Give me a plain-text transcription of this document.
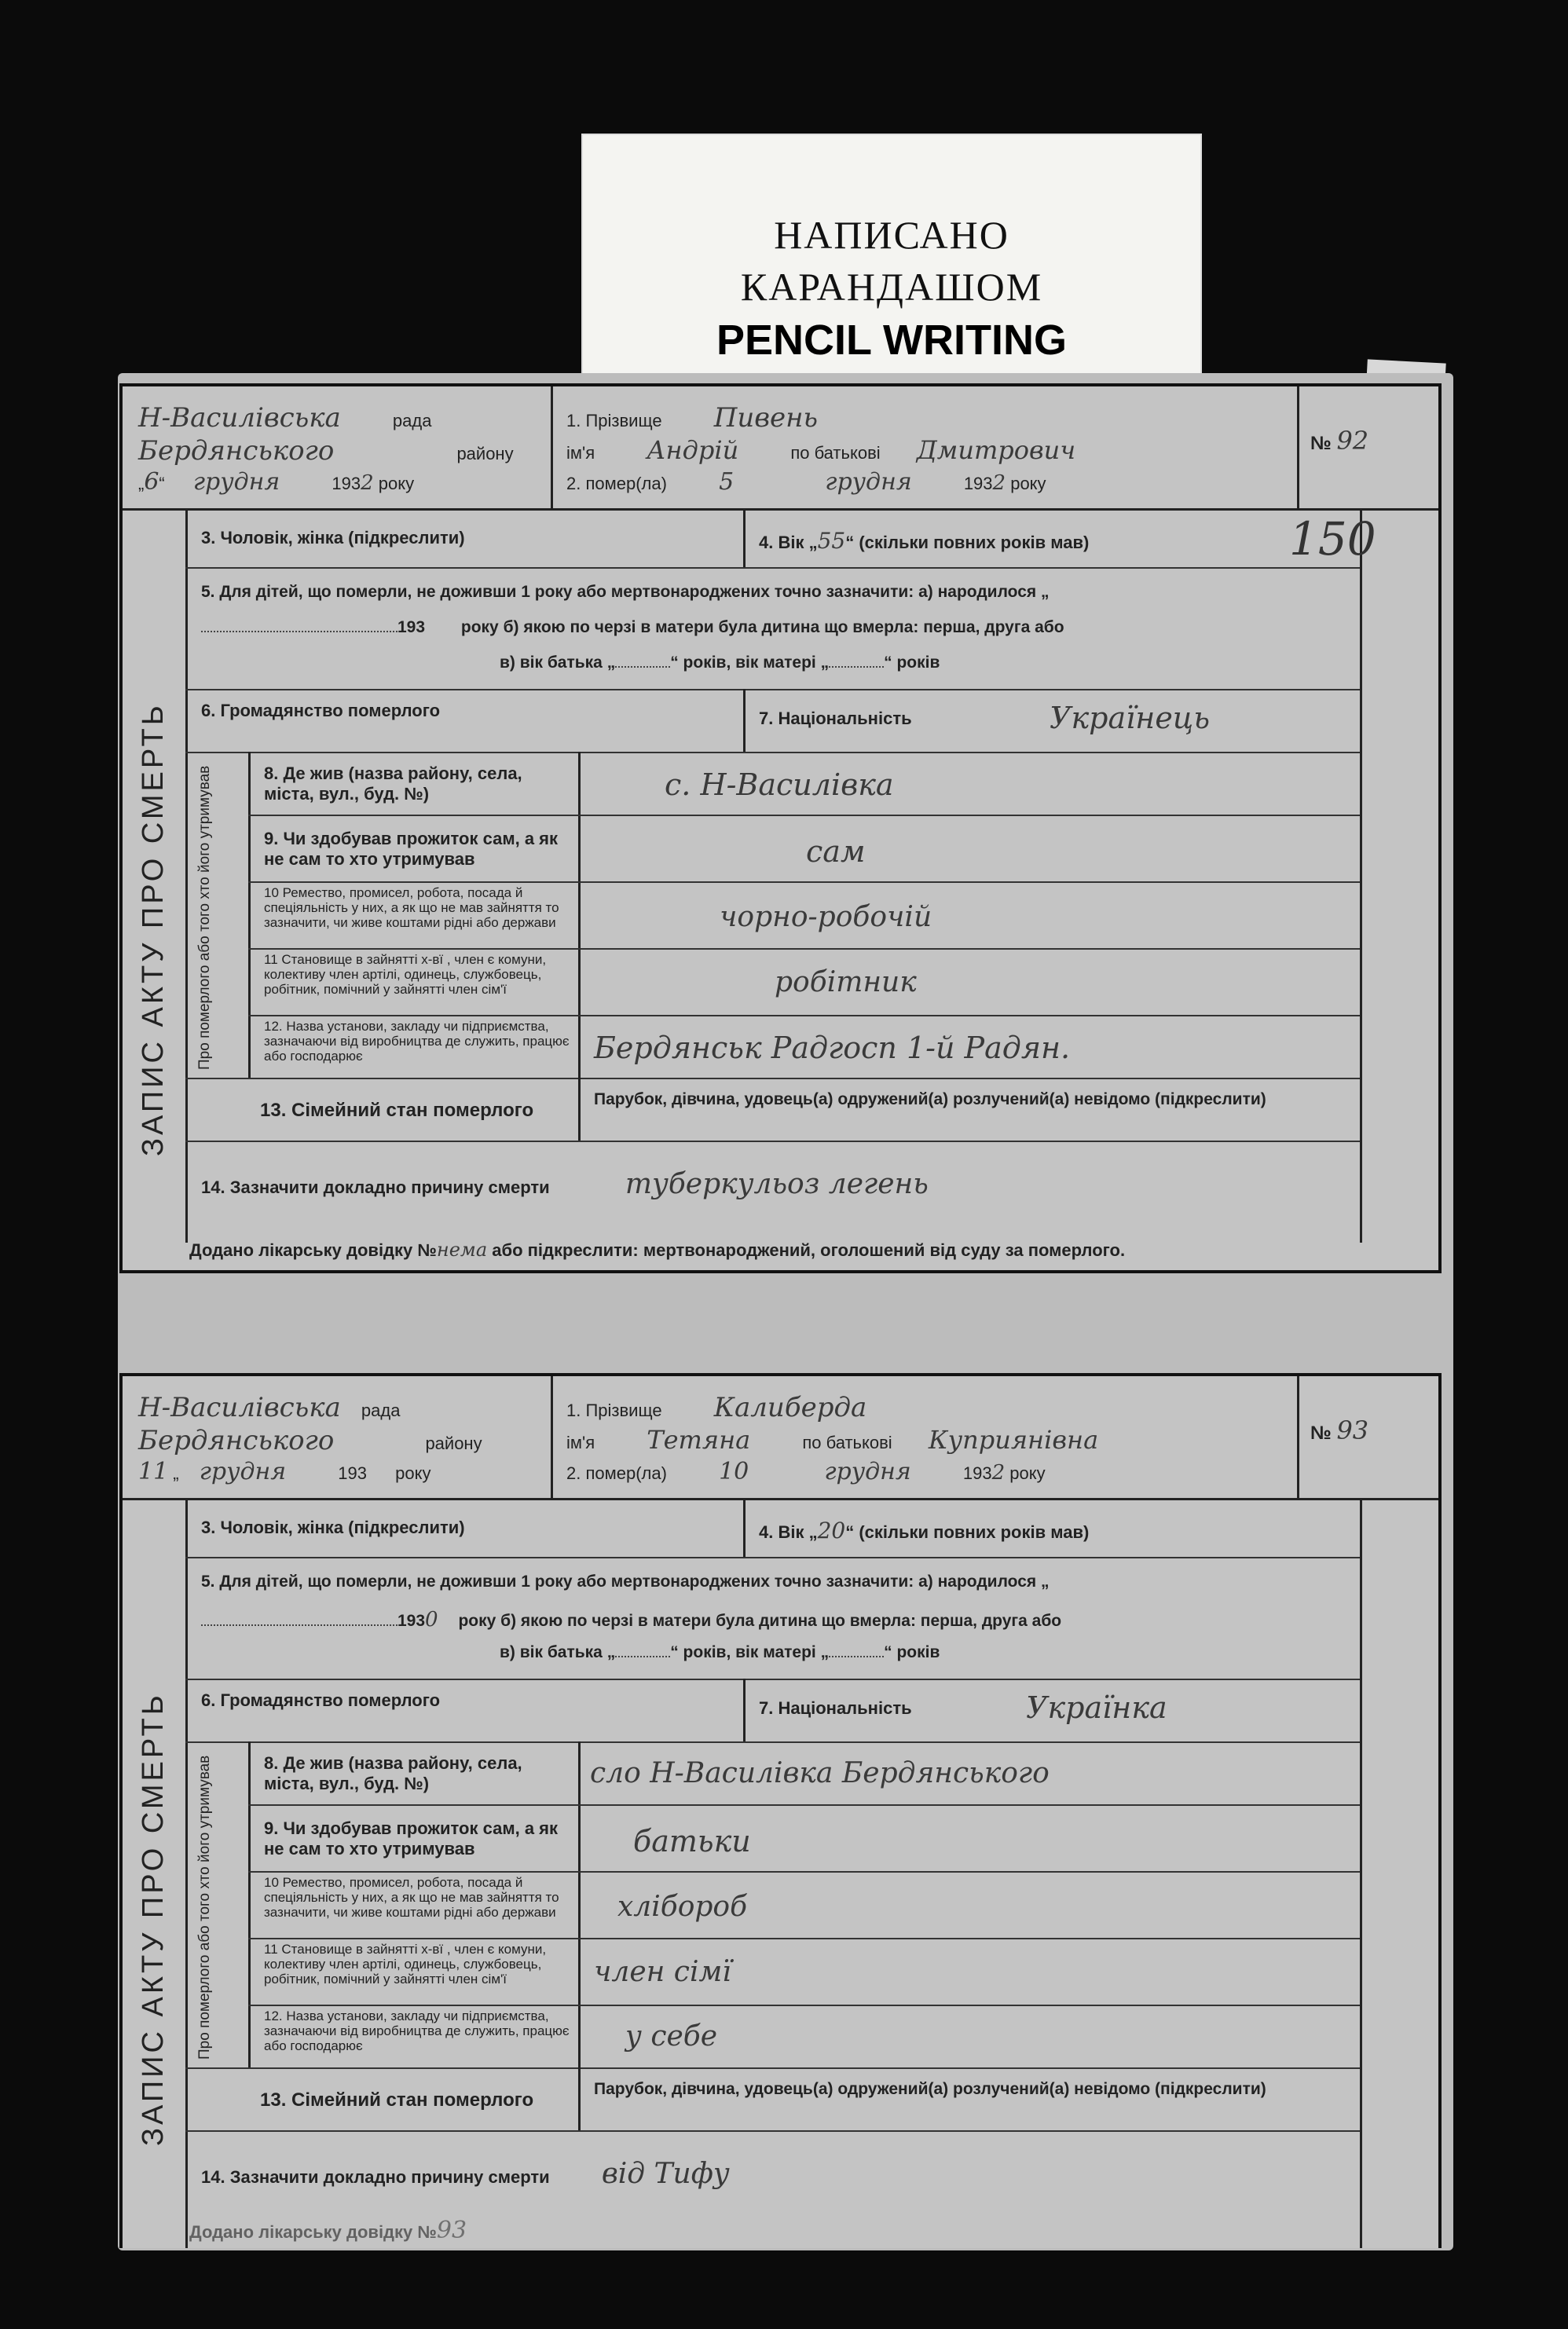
НАПИСАНО
КАРАНДАШОМ
PENCIL WRITING
Н-Василівська	рада
Бердянського	району
„6“ грудня	1932 року
1. Прізвище Пивень
ім'я Андрій	по батькові Дмитрович
2. помер(ла) 5	грудня	1932 року
№ 92
ЗАПИС АКТУ ПРО СМЕРТЬ Про померлого або того хто його утримував
3. Чоловік, жінка (підкреслити)	4. Вік „55“ (скільки повних років мав)	150
5. Для дітей, що померли, не доживши 1 року або мертвонароджених точно зазначити: а) народилося „
193 року б) якою по черзі в матери була дитина що вмерла: перша, друга або
в) вік батька „	“ років, вік матері „	“ років
6. Громадянство померлого	7. Національність	Українець
8. Де жив (назва району, села, міста, вул., буд. №)	с. Н-Василівка
9. Чи здобував прожиток сам, а як не сам то хто утримував	сам
10 Ремество, промисел, робота, посада й спеціяльність у них, а як що не мав зайняття то зазначити, чи живе коштами рідні або держави	чорно-робочій
11 Становище в зайнятті х-вї , член є комуни, колективу член артілі, одинець, службовець, робітник, помічний у зайнятті член сім'ї	робітник
12. Назва установи, закладу чи підприємства, зазначаючи від виробництва де служить, працює або господарює	Бердянськ Радгосп 1-й Радян.
13. Сімейний стан померлого
Парубок, дівчина, удовець(а) одружений(а) розлучений(а) невідомо (підкреслити)
14. Зазначити докладно причину смерти	туберкульоз легень
Додано лікарську довідку №нема або підкреслити: мертвонароджений, оголошений від суду за померлого.
Н-Василівська рада
Бердянського	району
11 „ грудня	193 року
1. Прізвище Калиберда
ім'я Тетяна	по батькові Куприянівна
2. помер(ла) 10	грудня	1932 року
№ 93
ЗАПИС АКТУ ПРО СМЕРТЬ Про померлого або того хто його утримував
3. Чоловік, жінка (підкреслити)	4. Вік „20“ (скільки повних років мав)
5. Для дітей, що померли, не доживши 1 року або мертвонароджених точно зазначити: а) народилося „
1930 року б) якою по черзі в матери була дитина що вмерла: перша, друга або
в) вік батька „	“ років, вік матері „	“ років
6. Громадянство померлого	7. Національність	Українка
8. Де жив (назва району, села, міста, вул., буд. №)	сло Н-Василівка Бердянського
9. Чи здобував прожиток сам, а як не сам то хто утримував	батьки
10 Ремество, промисел, робота, посада й спеціяльність у них, а як що не мав зайняття то зазначити, чи живе коштами рідні або держави	хлібороб
11 Становище в зайнятті х-вї , член є комуни, колективу член артілі, одинець, службовець, робітник, помічний у зайнятті член сім'ї	член сімї
12. Назва установи, закладу чи підприємства, зазначаючи від виробництва де служить, працює або господарює	у себе
13. Сімейний стан померлого
Парубок, дівчина, удовець(а) одружений(а) розлучений(а) невідомо (підкреслити)
14. Зазначити докладно причину смерти від Тифу
Додано лікарську довідку №93
